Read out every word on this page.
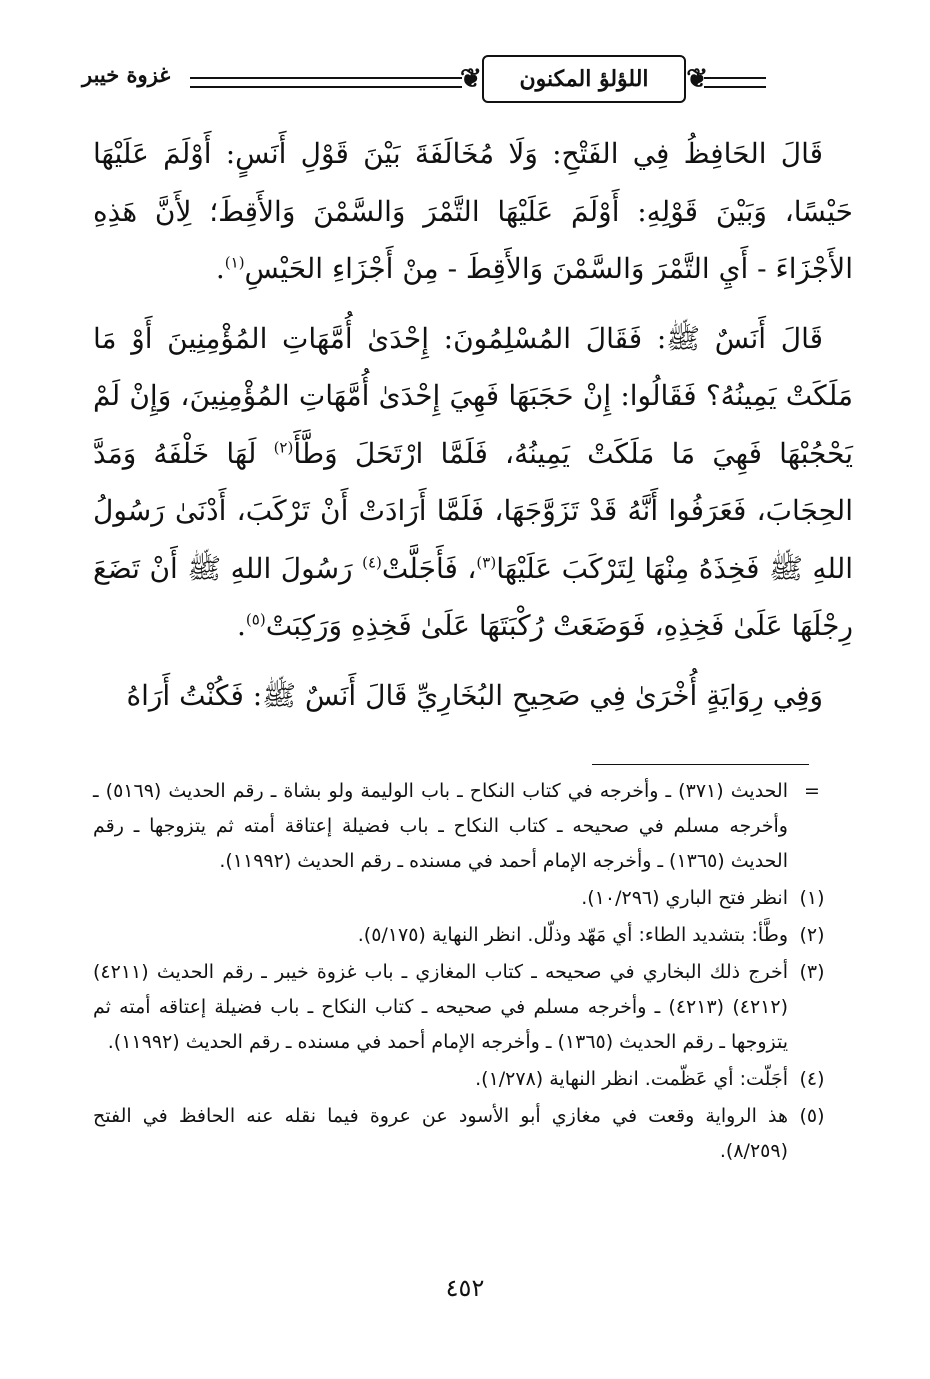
غزوة خيبر
❦	اللؤلؤ المكنون ❦

قَالَ الحَافِظُ فِي الفَتْحِ: وَلَا مُخَالَفَةَ بَيْنَ قَوْلِ أَنَسٍ: أَوْلَمَ عَلَيْهَا حَيْسًا، وَبَيْنَ قَوْلِهِ: أَوْلَمَ عَلَيْهَا التَّمْرَ وَالسَّمْنَ وَالأَقِطَ؛ لِأَنَّ هَذِهِ الأَجْزَاءَ - أَيِ التَّمْرَ وَالسَّمْنَ وَالأَقِطَ - مِنْ أَجْزَاءِ الحَيْسِ$^{(١)}$.

قَالَ أَنَسٌ ﷺ: فَقَالَ المُسْلِمُونَ: إِحْدَىٰ أُمَّهَاتِ المُؤْمِنِينَ أَوْ مَا مَلَكَتْ يَمِينُهُ؟ فَقَالُوا: إِنْ حَجَبَهَا فَهِيَ إِحْدَىٰ أُمَّهَاتِ المُؤْمِنِينَ، وَإِنْ لَمْ يَحْجُبْهَا فَهِيَ مَا مَلَكَتْ يَمِينُهُ، فَلَمَّا ارْتَحَلَ وَطَّأَ$^{(٢)}$ لَهَا خَلْفَهُ وَمَدَّ الحِجَابَ، فَعَرَفُوا أَنَّهُ قَدْ تَزَوَّجَهَا، فَلَمَّا أَرَادَتْ أَنْ تَرْكَبَ، أَدْنَىٰ رَسُولُ اللهِ ﷺ فَخِذَهُ مِنْهَا لِتَرْكَبَ عَلَيْهَا$^{(٣)}$، فَأَجَلَّتْ$^{(٤)}$ رَسُولَ اللهِ ﷺ أَنْ تَضَعَ رِجْلَهَا عَلَىٰ فَخِذِهِ، فَوَضَعَتْ رُكْبَتَهَا عَلَىٰ فَخِذِهِ وَرَكِبَتْ$^{(٥)}$.

وَفِي رِوَايَةٍ أُخْرَىٰ فِي صَحِيحِ البُخَارِيِّ قَالَ أَنَسٌ ﷺ: فَكُنْتُ أَرَاهُ

=
الحديث (٣٧١) ـ وأخرجه في كتاب النكاح ـ باب الوليمة ولو بشاة ـ رقم الحديث (٥١٦٩) ـ وأخرجه مسلم في صحيحه ـ كتاب النكاح ـ باب فضيلة إعتاقة أمته ثم يتزوجها ـ رقم الحديث (١٣٦٥) ـ وأخرجه الإمام أحمد في مسنده ـ رقم الحديث (١١٩٩٢).
(١)
انظر فتح الباري (١٠/٢٩٦).
(٢)
وطَّأ: بتشديد الطاء: أي مَهّد وذلّل. انظر النهاية (٥/١٧٥).
(٣)
أخرج ذلك البخاري في صحيحه ـ كتاب المغازي ـ باب غزوة خيبر ـ رقم الحديث (٤٢١١) (٤٢١٢) (٤٢١٣) ـ وأخرجه مسلم في صحيحه ـ كتاب النكاح ـ باب فضيلة إعتاقه أمته ثم يتزوجها ـ رقم الحديث (١٣٦٥) ـ وأخرجه الإمام أحمد في مسنده ـ رقم الحديث (١١٩٩٢).
(٤)
أجَلّت: أي عَظّمت. انظر النهاية (١/٢٧٨).
(٥)
هذ الرواية وقعت في مغازي أبو الأسود عن عروة فيما نقله عنه الحافظ في الفتح (٨/٢٥٩).
٤٥٢
